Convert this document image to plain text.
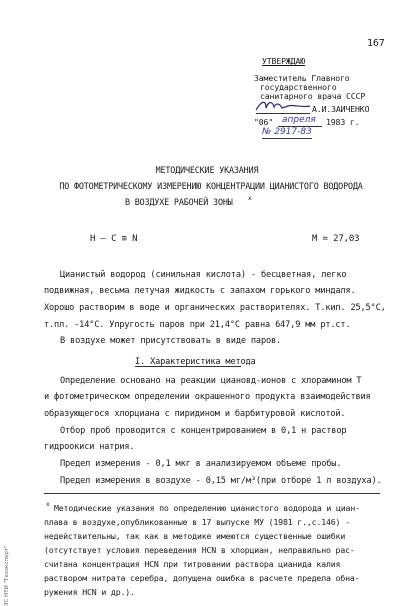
167
УТВЕРЖДАЮ
Заместитель Главного
государственного
санитарного врача СССР
А.И.ЗАИЧЕНКО
"06" апреля 1983 г.
№ 2917-83
МЕТОДИЧЕСКИЕ УКАЗАНИЯ
ПО ФОТОМЕТРИЧЕСКОМУ ИЗМЕРЕНИЮ КОНЦЕНТРАЦИИ ЦИАНИСТОГО ВОДОРОДА
В ВОЗДУХЕ РАБОЧЕЙ ЗОНЫ	x
H – C ≡ N	M = 27,03
Цианистый водород (синильная кислота) - бесцветная, легко
подвижная, весьма летучая жидкость с запахом горького миндаля.
Хорошо растворим в воде и органических растворителях. Т.кип. 25,5°С,
т.пл. -14°С. Упругость паров при 21,4°С равна 647,9 мм рт.ст.
В воздухе может присутствовать в виде паров.
I. Характеристика метода
Определение основано на реакции циановд-ионов с хлорамином Т
и фотометрическом определении окрашенного продукта взаимодействия
образующегося хлорциана с пиридином и барбитуровой кислотой.
Отбор проб проводится с концентрированием в 0,1 н раствор
гидроокиси натрия.
Предел измерения - 0,1 мкг в анализируемом объеме пробы.
Предел измерения в воздухе - 0,15 мг/м³(при отборе 1 л воздуха).
x Методические указания по определению цианистого водорода и циан-
плава в воздухе,опубликованные в 17 выпуске МУ (1981 г.,с.146) -
недействительны, так как в методике имеются существенные ошибки
(отсутствует условия переведения HCN в хлорциан, неправильно рас-
считана концентрация HCN при титровании раствора цианида калия
раствором нитрата серебра, допущена ошибка в расчете предела обна-
ружения HCN и др.).
ЗС НТИ "Техэксперт"
